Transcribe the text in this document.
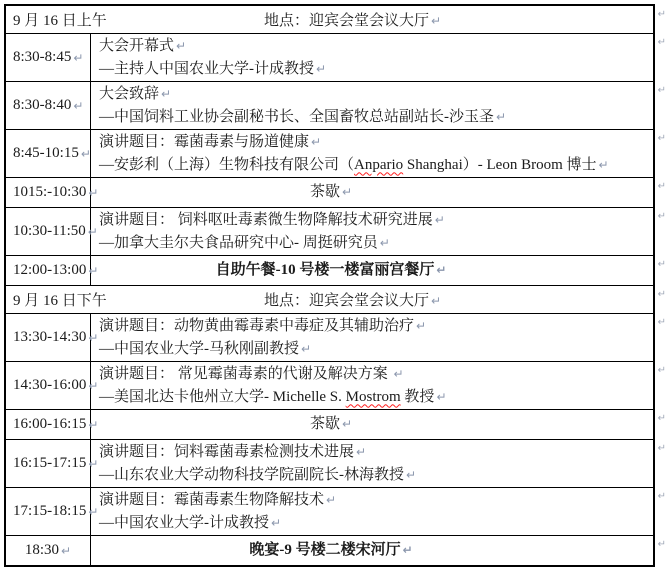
9 月 16 日上午	地点：迎宾会堂会议大厅 ↵	↵
8:30-8:45 ↵
大会开幕式 ↵
—主持人中国农业大学-计成教授 ↵
↵
8:30-8:40 ↵
大会致辞 ↵
—中国饲料工业协会副秘书长、全国畜牧总站副站长-沙玉圣 ↵
↵
8:45-10:15 ↵
演讲题目：霉菌毒素与肠道健康 ↵
—安彭利（上海）生物科技有限公司（Anpario Shanghai）- Leon Broom 博士 ↵
↵
1015:-10:30 ↵	茶歇 ↵	↵
10:30-11:50 ↵
演讲题目： 饲料呕吐毒素微生物降解技术研究进展 ↵
—加拿大圭尔夫食品研究中心- 周挺研究员 ↵
↵
12:00-13:00 ↵	自助午餐-10 号楼一楼富丽宫餐厅 ↵	↵
9 月 16 日下午	地点：迎宾会堂会议大厅 ↵	↵
13:30-14:30 ↵
演讲题目：动物黄曲霉毒素中毒症及其辅助治疗 ↵
—中国农业大学-马秋刚副教授 ↵
↵
14:30-16:00 ↵
演讲题目： 常见霉菌毒素的代谢及解决方案 ↵
—美国北达卡他州立大学- Michelle S. Mostrom 教授 ↵
↵
16:00-16:15 ↵	茶歇 ↵	↵
16:15-17:15 ↵
演讲题目：饲料霉菌毒素检测技术进展 ↵
—山东农业大学动物科技学院副院长-林海教授 ↵
↵
17:15-18:15 ↵
演讲题目：霉菌毒素生物降解技术 ↵
—中国农业大学-计成教授 ↵
↵
18:30 ↵	晚宴-9 号楼二楼宋河厅 ↵	↵
